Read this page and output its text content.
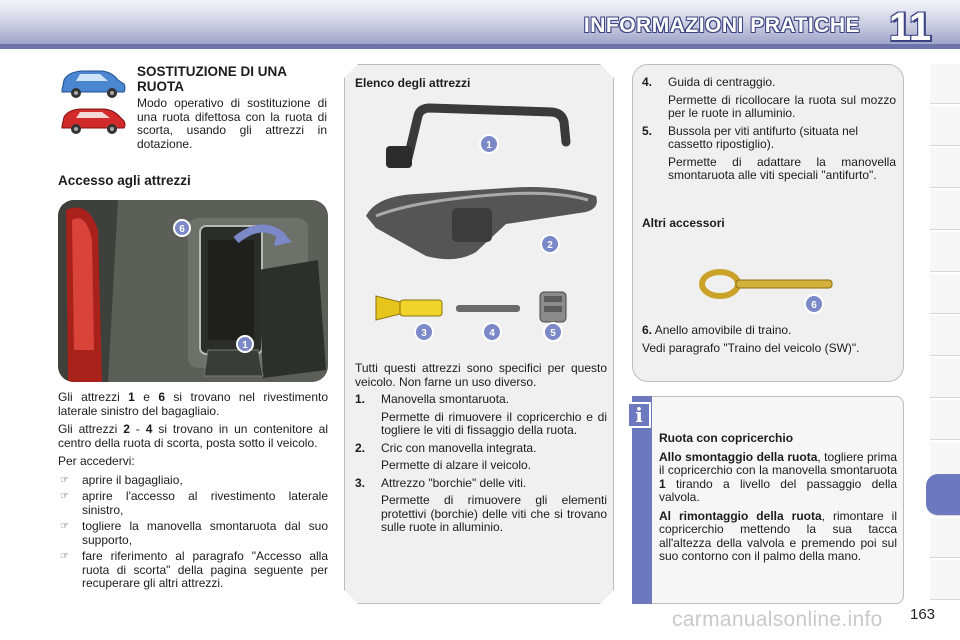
INFORMAZIONI PRATICHE 11
SOSTITUZIONE DI UNA RUOTA
Modo operativo di sostituzione di una ruota difettosa con la ruota di scorta, usando gli attrezzi in dotazione.
Accesso agli attrezzi
6
1

Gli attrezzi 1 e 6 si trovano nel rivestimento laterale sinistro del bagagliaio.

Gli attrezzi 2 - 4 si trovano in un contenitore al centro della ruota di scorta, posta sotto il veicolo.

Per accedervi:

☞ aprire il bagagliaio,
☞ aprire l'accesso al rivestimento laterale sinistro,
☞ togliere la manovella smontaruota dal suo supporto,
☞ fare riferimento al paragrafo "Accesso alla ruota di scorta" della pagina seguente per recuperare gli altri attrezzi.
Elenco degli attrezzi
1
2
3	4	5

Tutti questi attrezzi sono specifici per questo veicolo. Non farne un uso diverso.

1. Manovella smontaruota.
Permette di rimuovere il copricerchio e di togliere le viti di fissaggio della ruota.
2. Cric con manovella integrata.
Permette di alzare il veicolo.
3. Attrezzo "borchie" delle viti.
Permette di rimuovere gli elementi protettivi (borchie) delle viti che si trovano sulle ruote in alluminio.
4. Guida di centraggio.
Permette di ricollocare la ruota sul mozzo per le ruote in alluminio.
5. Bussola per viti antifurto (situata nel cassetto ripostiglio).
Permette di adattare la manovella smontaruota alle viti speciali "antifurto".
Altri accessori
6

6. Anello amovibile di traino.

Vedi paragrafo "Traino del veicolo (SW)".

i

Ruota con copricerchio

Allo smontaggio della ruota, togliere prima il copricerchio con la manovella smontaruota 1 tirando a livello del passaggio della valvola.

Al rimontaggio della ruota, rimontare il copricerchio mettendo la sua tacca all'altezza della valvola e premendo poi sul suo contorno con il palmo della mano.

carmanualsonline.info 163
